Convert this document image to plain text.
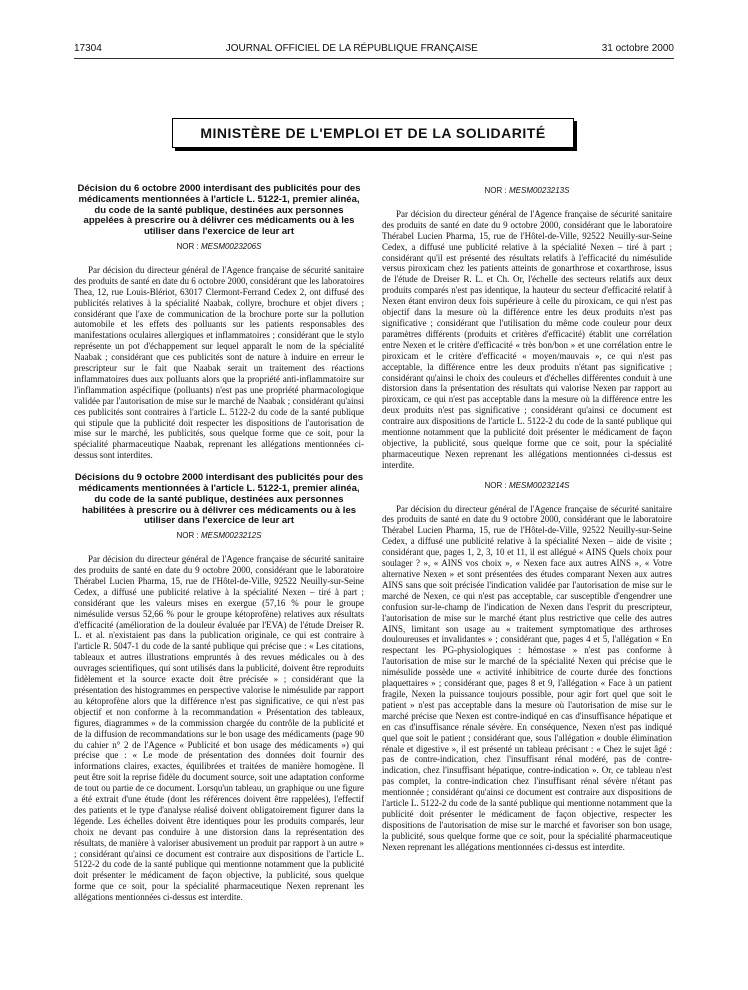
17304	JOURNAL OFFICIEL DE LA RÉPUBLIQUE FRANÇAISE	31 octobre 2000
MINISTÈRE DE L'EMPLOI ET DE LA SOLIDARITÉ
Décision du 6 octobre 2000 interdisant des publicités pour des médicaments mentionnées à l'article L. 5122-1, premier alinéa, du code de la santé publique, destinées aux personnes appelées à prescrire ou à délivrer ces médicaments ou à les utiliser dans l'exercice de leur art
NOR : MESM0023206S

Par décision du directeur général de l'Agence française de sécurité sanitaire des produits de santé en date du 6 octobre 2000, considérant que les laboratoires Thea, 12, rue Louis-Blériot, 63017 Clermont-Ferrand Cedex 2, ont diffusé des publicités relatives à la spécialité Naabak, collyre, brochure et objet divers ; considérant que l'axe de communication de la brochure porte sur la pollution automobile et les effets des polluants sur les patients responsables des manifestations oculaires allergiques et inflammatoires ; considérant que le stylo représente un pot d'échappement sur lequel apparaît le nom de la spécialité Naabak ; considérant que ces publicités sont de nature à induire en erreur le prescripteur sur le fait que Naabak serait un traitement des réactions inflammatoires dues aux polluants alors que la propriété anti-inflammatoire sur l'inflammation aspécifique (polluants) n'est pas une propriété pharmacologique validée par l'autorisation de mise sur le marché de Naabak ; considérant qu'ainsi ces publicités sont contraires à l'article L. 5122-2 du code de la santé publique qui stipule que la publicité doit respecter les dispositions de l'autorisation de mise sur le marché, les publicités, sous quelque forme que ce soit, pour la spécialité pharmaceutique Naabak, reprenant les allégations mentionnées ci-dessus sont interdites.

Décisions du 9 octobre 2000 interdisant des publicités pour des médicaments mentionnées à l'article L. 5122-1, premier alinéa, du code de la santé publique, destinées aux personnes habilitées à prescrire ou à délivrer ces médicaments ou à les utiliser dans l'exercice de leur art
NOR : MESM0023212S

Par décision du directeur général de l'Agence française de sécurité sanitaire des produits de santé en date du 9 octobre 2000, considérant que le laboratoire Thérabel Lucien Pharma, 15, rue de l'Hôtel-de-Ville, 92522 Neuilly-sur-Seine Cedex, a diffusé une publicité relative à la spécialité Nexen – tiré à part ; considérant que les valeurs mises en exergue (57,16 % pour le groupe nimésulide versus 52,66 % pour le groupe kétoprofène) relatives aux résultats d'efficacité (amélioration de la douleur évaluée par l'EVA) de l'étude Dreiser R. L. et al. n'existaient pas dans la publication originale, ce qui est contraire à l'article R. 5047-1 du code de la santé publique qui précise que : « Les citations, tableaux et autres illustrations empruntés à des revues médicales ou à des ouvrages scientifiques, qui sont utilisés dans la publicité, doivent être reproduits fidèlement et la source exacte doit être précisée » ; considérant que la présentation des histogrammes en perspective valorise le nimésulide par rapport au kétoprofène alors que la différence n'est pas significative, ce qui n'est pas objectif et non conforme à la recommandation « Présentation des tableaux, figures, diagrammes » de la commission chargée du contrôle de la publicité et de la diffusion de recommandations sur le bon usage des médicaments (page 90 du cahier n° 2 de l'Agence « Publicité et bon usage des médicaments ») qui précise que : « Le mode de présentation des données doit fournir des informations claires, exactes, équilibrées et traitées de manière homogène. Il peut être soit la reprise fidèle du document source, soit une adaptation conforme de tout ou partie de ce document. Lorsqu'un tableau, un graphique ou une figure a été extrait d'une étude (dont les références doivent être rappelées), l'effectif des patients et le type d'analyse réalisé doivent obligatoirement figurer dans la légende. Les échelles doivent être identiques pour les produits comparés, leur choix ne devant pas conduire à une distorsion dans la représentation des résultats, de manière à valoriser abusivement un produit par rapport à un autre » ; considérant qu'ainsi ce document est contraire aux dispositions de l'article L. 5122-2 du code de la santé publique qui mentionne notamment que la publicité doit présenter le médicament de façon objective, la publicité, sous quelque forme que ce soit, pour la spécialité pharmaceutique Nexen reprenant les allégations mentionnées ci-dessus est interdite.

NOR : MESM0023213S

Par décision du directeur général de l'Agence française de sécurité sanitaire des produits de santé en date du 9 octobre 2000, considérant que le laboratoire Thérabel Lucien Pharma, 15, rue de l'Hôtel-de-Ville, 92522 Neuilly-sur-Seine Cedex, a diffusé une publicité relative à la spécialité Nexen – tiré à part ; considérant qu'il est présenté des résultats relatifs à l'efficacité du nimésulide versus piroxicam chez les patients atteints de gonarthrose et coxarthrose, issus de l'étude de Dreiser R. L. et Ch. Or, l'échelle des secteurs relatifs aux deux produits comparés n'est pas identique, la hauteur du secteur d'efficacité relatif à Nexen étant environ deux fois supérieure à celle du piroxicam, ce qui n'est pas objectif dans la mesure où la différence entre les deux produits n'est pas significative ; considérant que l'utilisation du même code couleur pour deux paramètres différents (produits et critères d'efficacité) établit une corrélation entre Nexen et le critère d'efficacité « très bon/bon » et une corrélation entre le piroxicam et le critère d'efficacité « moyen/mauvais », ce qui n'est pas acceptable, la différence entre les deux produits n'étant pas significative ; considérant qu'ainsi le choix des couleurs et d'échelles différentes conduit à une distorsion dans la présentation des résultats qui valorise Nexen par rapport au piroxicam, ce qui n'est pas acceptable dans la mesure où la différence entre les deux produits n'est pas significative ; considérant qu'ainsi ce document est contraire aux dispositions de l'article L. 5122-2 du code de la santé publique qui mentionne notamment que la publicité doit présenter le médicament de façon objective, la publicité, sous quelque forme que ce soit, pour la spécialité pharmaceutique Nexen reprenant les allégations mentionnées ci-dessus est interdite.

NOR : MESM0023214S

Par décision du directeur général de l'Agence française de sécurité sanitaire des produits de santé en date du 9 octobre 2000, considérant que le laboratoire Thérabel Lucien Pharma, 15, rue de l'Hôtel-de-Ville, 92522 Neuilly-sur-Seine Cedex, a diffusé une publicité relative à la spécialité Nexen – aide de visite ; considérant que, pages 1, 2, 3, 10 et 11, il est allégué « AINS Quels choix pour soulager ? », « AINS vos choix », « Nexen face aux autres AINS », « Votre alternative Nexen » et sont présentées des études comparant Nexen aux autres AINS sans que soit précisée l'indication validée par l'autorisation de mise sur le marché de Nexen, ce qui n'est pas acceptable, car susceptible d'engendrer une confusion sur-le-champ de l'indication de Nexen dans l'esprit du prescripteur, l'autorisation de mise sur le marché étant plus restrictive que celle des autres AINS, limitant son usage au « traitement symptomatique des arthroses douloureuses et invalidantes » ; considérant que, pages 4 et 5, l'allégation « En respectant les PG-physiologiques : hémostase » n'est pas conforme à l'autorisation de mise sur le marché de la spécialité Nexen qui précise que le nimésulide possède une « activité inhibitrice de courte durée des fonctions plaquettaires » ; considérant que, pages 8 et 9, l'allégation « Face à un patient fragile, Nexen la puissance toujours possible, pour agir fort quel que soit le patient » n'est pas acceptable dans la mesure où l'autorisation de mise sur le marché précise que Nexen est contre-indiqué en cas d'insuffisance hépatique et en cas d'insuffisance rénale sévère. En conséquence, Nexen n'est pas indiqué quel que soit le patient ; considérant que, sous l'allégation « double élimination rénale et digestive », il est présenté un tableau précisant : « Chez le sujet âgé : pas de contre-indication, chez l'insuffisant rénal modéré, pas de contre-indication, chez l'insuffisant hépatique, contre-indication ». Or, ce tableau n'est pas complet, la contre-indication chez l'insuffisant rénal sévère n'étant pas mentionnée ; considérant qu'ainsi ce document est contraire aux dispositions de l'article L. 5122-2 du code de la santé publique qui mentionne notamment que la publicité doit présenter le médicament de façon objective, respecter les dispositions de l'autorisation de mise sur le marché et favoriser son bon usage, la publicité, sous quelque forme que ce soit, pour la spécialité pharmaceutique Nexen reprenant les allégations mentionnées ci-dessus est interdite.
